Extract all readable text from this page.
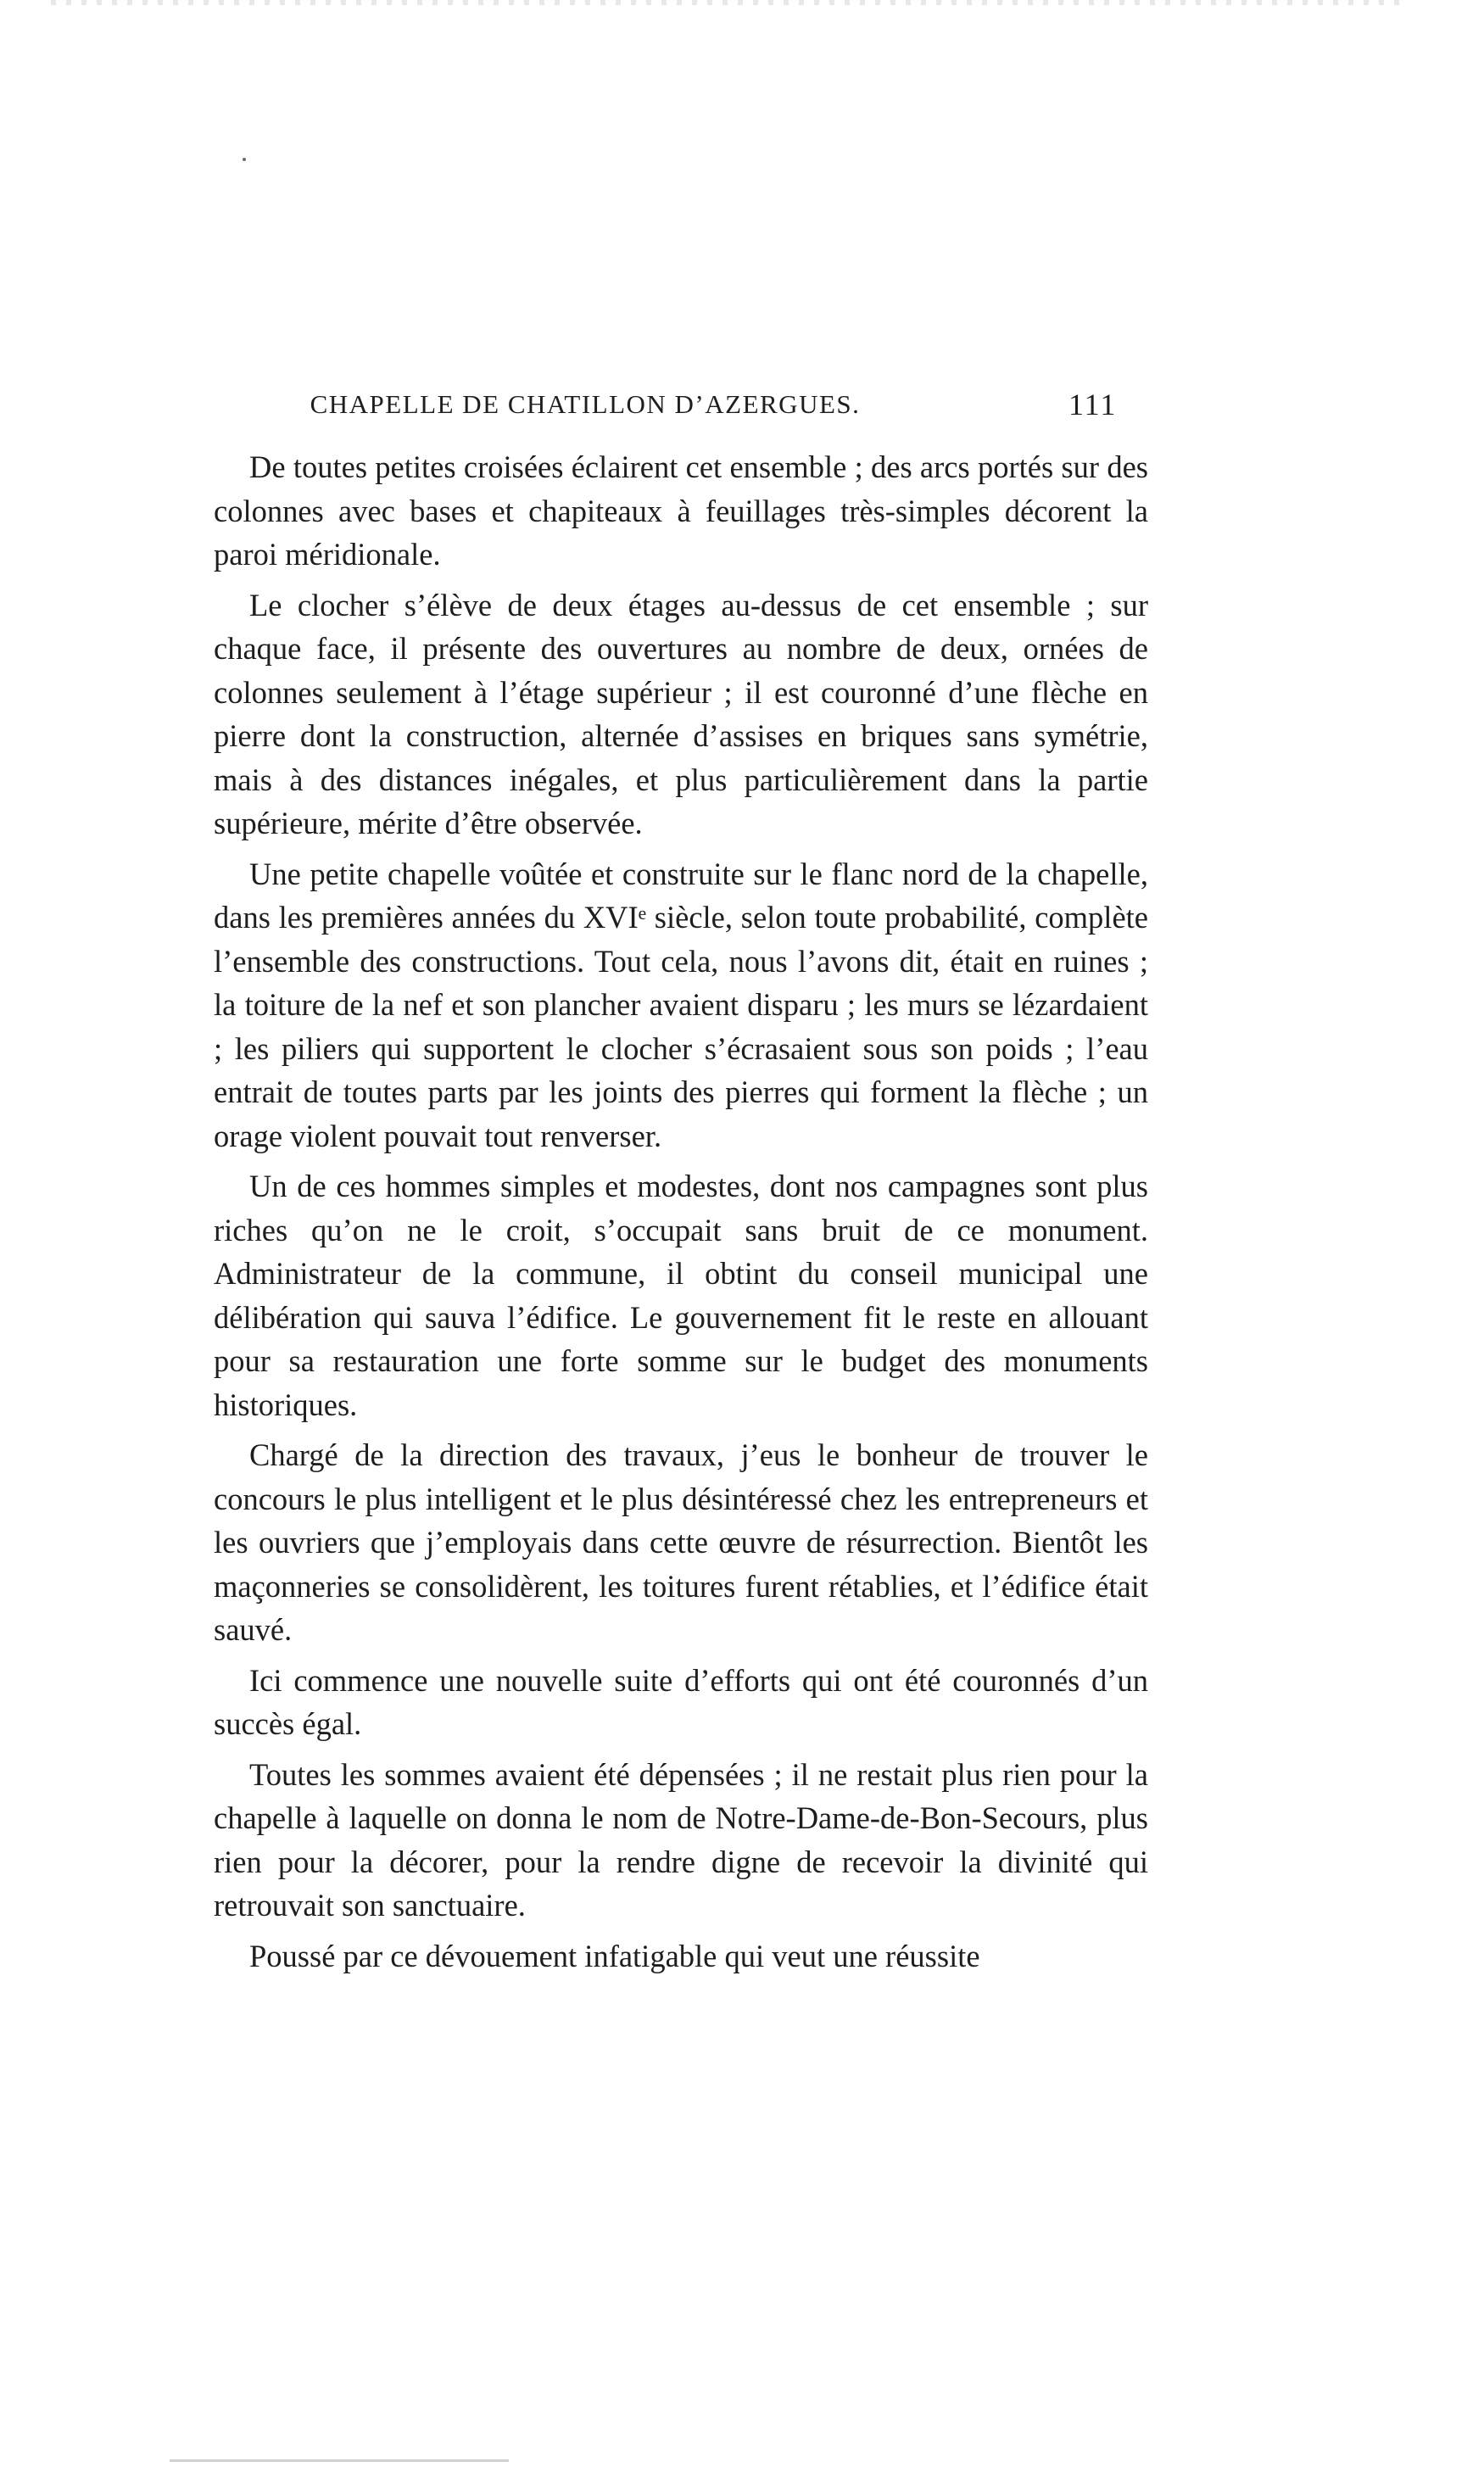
CHAPELLE DE CHATILLON D’AZERGUES.	111

De toutes petites croisées éclairent cet ensemble ; des arcs portés sur des colonnes avec bases et chapiteaux à feuillages très-simples décorent la paroi méridionale.

Le clocher s’élève de deux étages au-dessus de cet ensemble ; sur chaque face, il présente des ouvertures au nombre de deux, ornées de colonnes seulement à l’étage supérieur ; il est couronné d’une flèche en pierre dont la construction, alternée d’assises en briques sans symétrie, mais à des distances inégales, et plus particulièrement dans la partie supérieure, mérite d’être observée.

Une petite chapelle voûtée et construite sur le flanc nord de la chapelle, dans les premières années du XVIᵉ siècle, selon toute probabilité, complète l’ensemble des constructions. Tout cela, nous l’avons dit, était en ruines ; la toiture de la nef et son plancher avaient disparu ; les murs se lézardaient ; les piliers qui supportent le clocher s’écrasaient sous son poids ; l’eau entrait de toutes parts par les joints des pierres qui forment la flèche ; un orage violent pouvait tout renverser.

Un de ces hommes simples et modestes, dont nos campagnes sont plus riches qu’on ne le croit, s’occupait sans bruit de ce monument. Administrateur de la commune, il obtint du conseil municipal une délibération qui sauva l’édifice. Le gouvernement fit le reste en allouant pour sa restauration une forte somme sur le budget des monuments historiques.

Chargé de la direction des travaux, j’eus le bonheur de trouver le concours le plus intelligent et le plus désintéressé chez les entrepreneurs et les ouvriers que j’employais dans cette œuvre de résurrection. Bientôt les maçonneries se consolidèrent, les toitures furent rétablies, et l’édifice était sauvé.

Ici commence une nouvelle suite d’efforts qui ont été couronnés d’un succès égal.

Toutes les sommes avaient été dépensées ; il ne restait plus rien pour la chapelle à laquelle on donna le nom de Notre-Dame-de-Bon-Secours, plus rien pour la décorer, pour la rendre digne de recevoir la divinité qui retrouvait son sanctuaire.

Poussé par ce dévouement infatigable qui veut une réussite
